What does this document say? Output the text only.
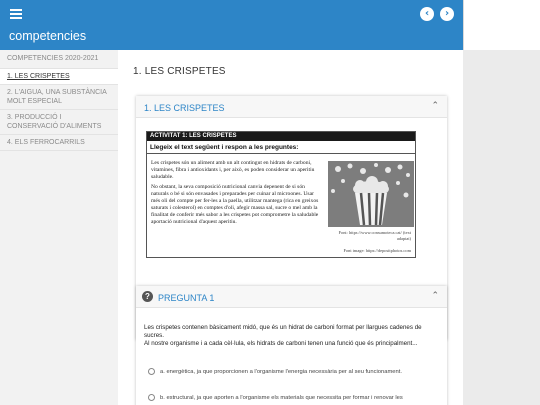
competencies
‹	›
COMPETENCIES 2020-2021
1. LES CRISPETES
2. L'AIGUA, UNA SUBSTÀNCIA MOLT ESPECIAL
3. PRODUCCIÓ I CONSERVACIÓ D'ALIMENTS
4. ELS FERROCARRILS
1. LES CRISPETES
1. LES CRISPETES	⌃
ACTIVITAT 1: LES CRISPETES
Llegeix el text següent i respon a les preguntes:

Les crispetes són un aliment amb un alt contingut en hidrats de carboni, vitamines, fibra i antioxidants i, per això, es poden considerar un aperitiu saludable.

No obstant, la seva composició nutricional canvia depenent de si són naturals o bé si són envasades i preparades per cuinar al microones. Usar més oli del compte per fer-les a la paella, utilitzar mantega (rica en greixos saturats i colesterol) en comptes d'oli, afegir massa sal, sucre o mel amb la finalitat de conferir més sabor a les crispetes pot comprometre la saludable aportació nutricional d'aquest aperitiu.

Font: https://www.consumoteca.cat/ (text adaptat)
Font image: https://depositphotos.com
? PREGUNTA 1	⌃

Les crispetes contenen bàsicament midó, que és un hidrat de carboni format per llargues cadenes de sucres.

Al nostre organisme i a cada cèl·lula, els hidrats de carboni tenen una funció que és principalment...

a. energètica, ja que proporcionen a l'organisme l'energia necessària per al seu funcionament.
b. estructural, ja que aporten a l'organisme els materials que necessita per formar i renovar les
